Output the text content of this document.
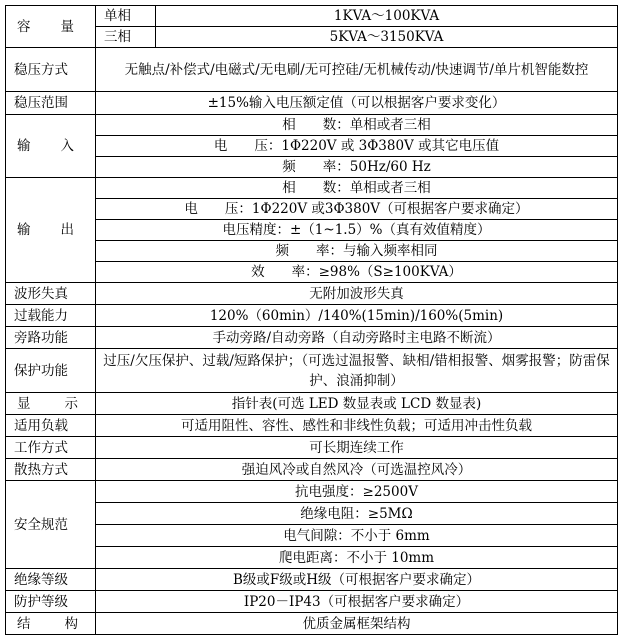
容 量	单相	1KVA～100KVA
	三相	5KVA～3150KVA
稳压方式	无触点/补偿式/电磁式/无电刷/无可控硅/无机械传动/快速调节/单片机智能数控	
稳压范围	±15%输入电压额定值（可以根据客户要求变化）	

输 入	相　　数：单相或者三相	
	电　　压：1Φ220V 或 3Φ380V 或其它电压值	
	频　　率：50Hz/60 Hz	

输 出	相　　数：单相或者三相	
	电　　压：1Φ220V 或3Φ380V（可根据客户要求确定）	
	电压精度：±（1~1.5）%（真有效值精度）	
	频　　率：与输入频率相同	
	效　　率：≥98%（S≥100KVA）	
波形失真	无附加波形失真	
过载能力	120%（60min）/140%(15min)/160%(5min)	
旁路功能	手动旁路/自动旁路（自动旁路时主电路不断流）	
保护功能	过压/欠压保护、过载/短路保护；（可选过温报警、缺相/错相报警、烟雾报警；防雷保护、浪涌抑制）	

显 示	指针表(可选 LED 数显表或 LCD 数显表)	
适用负载	可适用阻性、容性、感性和非线性负载；可适用冲击性负载	
工作方式	可长期连续工作	
散热方式	强迫风冷或自然风冷（可选温控风冷）	
安全规范	抗电强度：≥2500V	
	绝缘电阻：≥5MΩ	
	电气间隙：不小于 6mm	
	爬电距离：不小于 10mm	
绝缘等级	B级或F级或H级（可根据客户要求确定）	
防护等级	IP20－IP43（可根据客户要求确定）	

结 构	优质金属框架结构	
